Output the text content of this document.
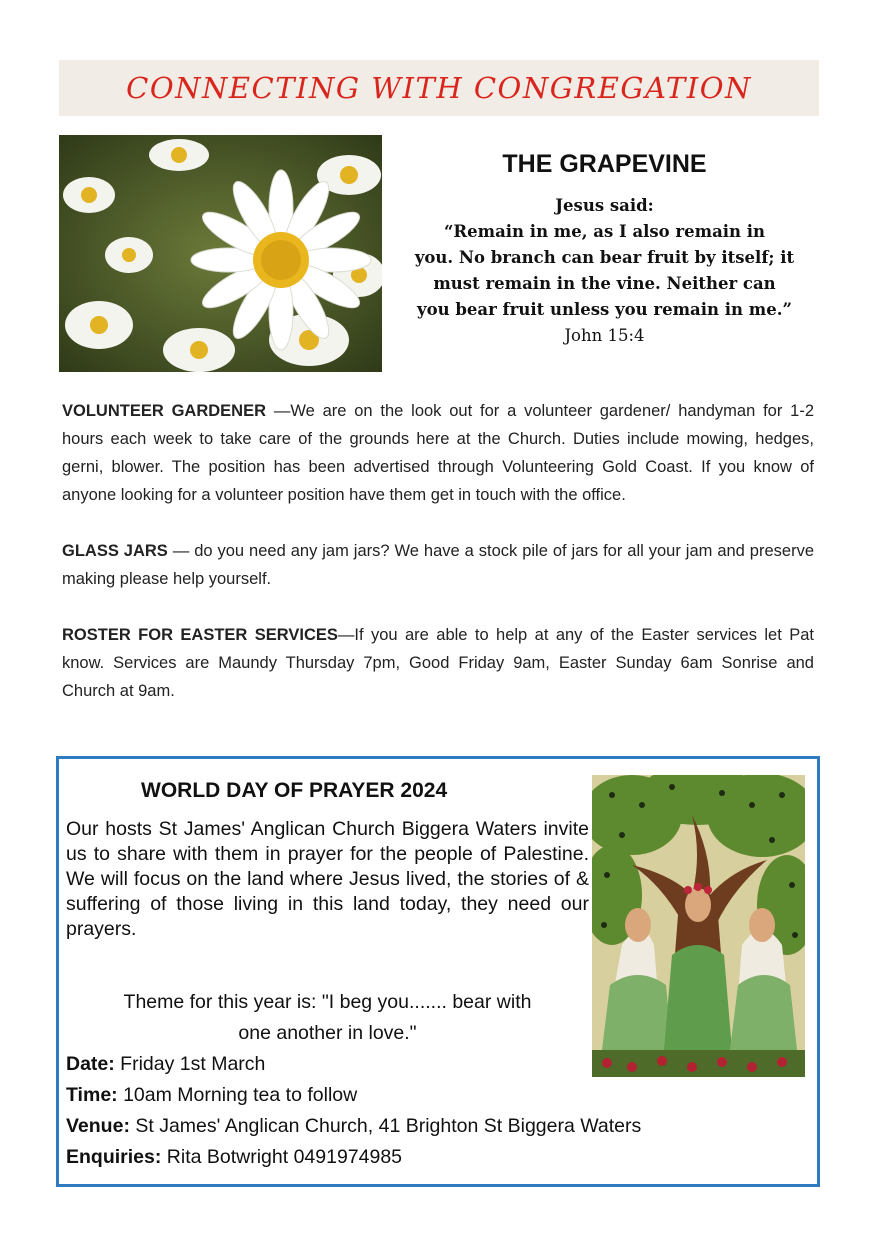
CONNECTING WITH CONGREGATION
THE GRAPEVINE
Jesus said:
“Remain in me, as I also remain in
you. No branch can bear fruit by itself; it
must remain in the vine. Neither can
you bear fruit unless you remain in me.”
John 15:4

VOLUNTEER GARDENER —We are on the look out for a volunteer gardener/ handyman for 1-2 hours each week to take care of the grounds here at the Church. Duties include mowing, hedges, gerni, blower. The position has been advertised through Volunteering Gold Coast. If you know of anyone looking for a volunteer position have them get in touch with the office.

GLASS JARS — do you need any jam jars? We have a stock pile of jars for all your jam and preserve making please help yourself.

ROSTER FOR EASTER SERVICES—If you are able to help at any of the Easter services let Pat know. Services are Maundy Thursday 7pm, Good Friday 9am, Easter Sunday 6am Sonrise and Church at 9am.

WORLD DAY OF PRAYER 2024
Our hosts St James' Anglican Church Biggera Waters invite us to share with them in prayer for the people of Palestine. We will focus on the land where Jesus lived, the stories of & suffering of those living in this land today, they need our prayers.
Theme for this year is: "I beg you....... bear with
one another in love."
Date: Friday 1st March
Time: 10am Morning tea to follow
Venue: St James' Anglican Church, 41 Brighton St Biggera Waters
Enquiries: Rita Botwright 0491974985
